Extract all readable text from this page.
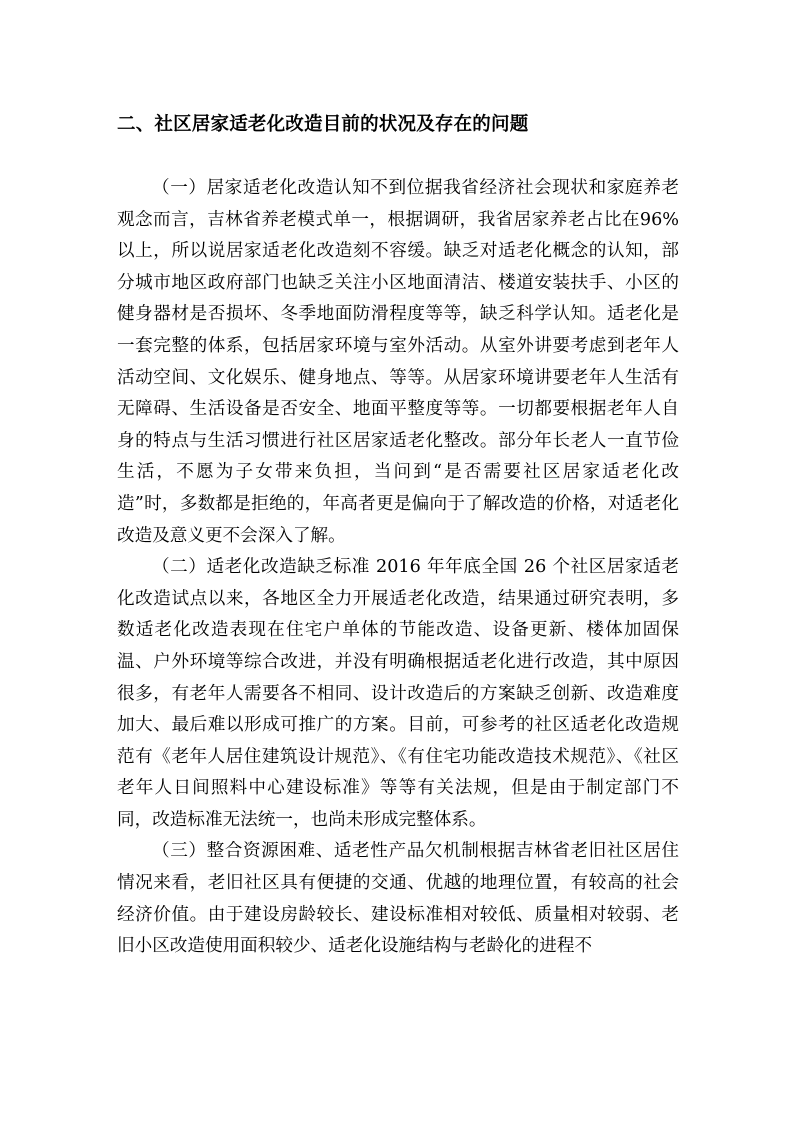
二、社区居家适老化改造目前的状况及存在的问题

（一）居家适老化改造认知不到位据我省经济社会现状和家庭养老观念而言，吉林省养老模式单一，根据调研，我省居家养老占比在96%以上，所以说居家适老化改造刻不容缓。缺乏对适老化概念的认知，部分城市地区政府部门也缺乏关注小区地面清洁、楼道安装扶手、小区的健身器材是否损坏、冬季地面防滑程度等等，缺乏科学认知。适老化是一套完整的体系，包括居家环境与室外活动。从室外讲要考虑到老年人活动空间、文化娱乐、健身地点、等等。从居家环境讲要老年人生活有无障碍、生活设备是否安全、地面平整度等等。一切都要根据老年人自身的特点与生活习惯进行社区居家适老化整改。部分年长老人一直节俭生活，不愿为子女带来负担，当问到“是否需要社区居家适老化改造”时，多数都是拒绝的，年高者更是偏向于了解改造的价格，对适老化改造及意义更不会深入了解。

（二）适老化改造缺乏标准 2016 年年底全国 26 个社区居家适老化改造试点以来，各地区全力开展适老化改造，结果通过研究表明，多数适老化改造表现在住宅户单体的节能改造、设备更新、楼体加固保温、户外环境等综合改进，并没有明确根据适老化进行改造，其中原因很多，有老年人需要各不相同、设计改造后的方案缺乏创新、改造难度加大、最后难以形成可推广的方案。目前，可参考的社区适老化改造规范有《老年人居住建筑设计规范》、《有住宅功能改造技术规范》、《社区老年人日间照料中心建设标准》等等有关法规，但是由于制定部门不同，改造标准无法统一，也尚未形成完整体系。

（三）整合资源困难、适老性产品欠机制根据吉林省老旧社区居住情况来看，老旧社区具有便捷的交通、优越的地理位置，有较高的社会经济价值。由于建设房龄较长、建设标准相对较低、质量相对较弱、老旧小区改造使用面积较少、适老化设施结构与老龄化的进程不
